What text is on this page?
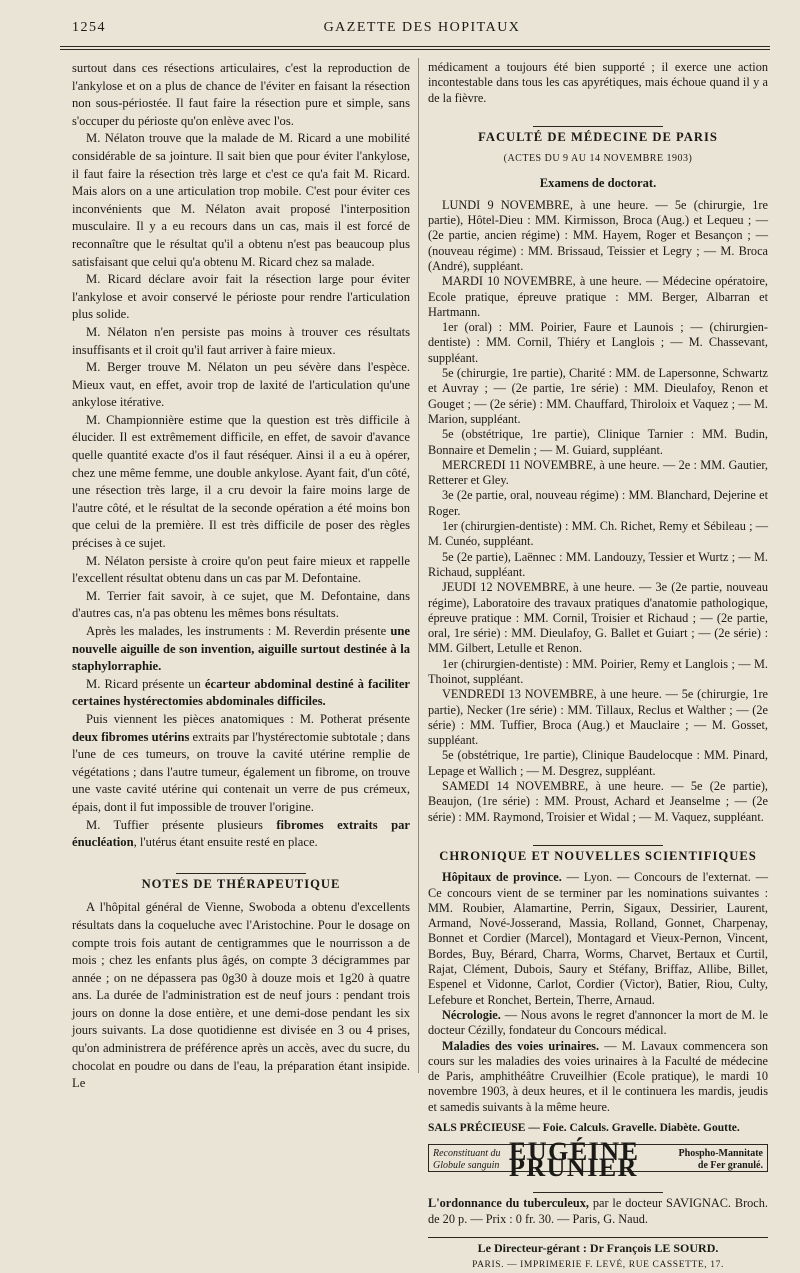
1254	GAZETTE DES HOPITAUX

surtout dans ces résections articulaires, c'est la reproduction de l'ankylose et on a plus de chance de l'éviter en faisant la résection non sous-périostée. Il faut faire la résection pure et simple, sans s'occuper du périoste qu'on enlève avec l'os.

M. Nélaton trouve que la malade de M. Ricard a une mobilité considérable de sa jointure. Il sait bien que pour éviter l'ankylose, il faut faire la résection très large et c'est ce qu'a fait M. Ricard. Mais alors on a une articulation trop mobile. C'est pour éviter ces inconvénients que M. Nélaton avait proposé l'interposition musculaire. Il y a eu recours dans un cas, mais il est forcé de reconnaître que le résultat qu'il a obtenu n'est pas beaucoup plus satisfaisant que celui qu'a obtenu M. Ricard chez sa malade.

M. Ricard déclare avoir fait la résection large pour éviter l'ankylose et avoir conservé le périoste pour rendre l'articulation plus solide.

M. Nélaton n'en persiste pas moins à trouver ces résultats insuffisants et il croit qu'il faut arriver à faire mieux.

M. Berger trouve M. Nélaton un peu sévère dans l'espèce. Mieux vaut, en effet, avoir trop de laxité de l'articulation qu'une ankylose itérative.

M. Championnière estime que la question est très difficile à élucider. Il est extrêmement difficile, en effet, de savoir d'avance quelle quantité exacte d'os il faut réséquer. Ainsi il a eu à opérer, chez une même femme, une double ankylose. Ayant fait, d'un côté, une résection très large, il a cru devoir la faire moins large de l'autre côté, et le résultat de la seconde opération a été moins bon que celui de la première. Il est très difficile de poser des règles précises à ce sujet.

M. Nélaton persiste à croire qu'on peut faire mieux et rappelle l'excellent résultat obtenu dans un cas par M. Defontaine.

M. Terrier fait savoir, à ce sujet, que M. Defontaine, dans d'autres cas, n'a pas obtenu les mêmes bons résultats.

Après les malades, les instruments : M. Reverdin présente une nouvelle aiguille de son invention, aiguille surtout destinée à la staphylorraphie.

M. Ricard présente un écarteur abdominal destiné à faciliter certaines hystérectomies abdominales difficiles.

Puis viennent les pièces anatomiques : M. Potherat présente deux fibromes utérins extraits par l'hystérectomie subtotale ; dans l'une de ces tumeurs, on trouve la cavité utérine remplie de végétations ; dans l'autre tumeur, également un fibrome, on trouve une vaste cavité utérine qui contenait un verre de pus crémeux, épais, dont il fut impossible de trouver l'origine.

M. Tuffier présente plusieurs fibromes extraits par énucléation, l'utérus étant ensuite resté en place.

NOTES DE THÉRAPEUTIQUE

A l'hôpital général de Vienne, Swoboda a obtenu d'excellents résultats dans la coqueluche avec l'Aristochine. Pour le dosage on compte trois fois autant de centigrammes que le nourrisson a de mois ; chez les enfants plus âgés, on compte 3 décigrammes par année ; on ne dépassera pas 0g30 à douze mois et 1g20 à quatre ans. La durée de l'administration est de neuf jours : pendant trois jours on donne la dose entière, et une demi-dose pendant les six jours suivants. La dose quotidienne est divisée en 3 ou 4 prises, qu'on administrera de préférence après un accès, avec du sucre, du chocolat en poudre ou dans de l'eau, la préparation étant insipide. Le

médicament a toujours été bien supporté ; il exerce une action incontestable dans tous les cas apyrétiques, mais échoue quand il y a de la fièvre.

FACULTÉ DE MÉDECINE DE PARIS
(ACTES DU 9 AU 14 NOVEMBRE 1903)
Examens de doctorat.

LUNDI 9 NOVEMBRE, à une heure. — 5e (chirurgie, 1re partie), Hôtel-Dieu : MM. Kirmisson, Broca (Aug.) et Lequeu ; — (2e partie, ancien régime) : MM. Hayem, Roger et Besançon ; — (nouveau régime) : MM. Brissaud, Teissier et Legry ; — M. Broca (André), suppléant.

MARDI 10 NOVEMBRE, à une heure. — Médecine opératoire, Ecole pratique, épreuve pratique : MM. Berger, Albarran et Hartmann.

1er (oral) : MM. Poirier, Faure et Launois ; — (chirurgien-dentiste) : MM. Cornil, Thiéry et Langlois ; — M. Chassevant, suppléant.

5e (chirurgie, 1re partie), Charité : MM. de Lapersonne, Schwartz et Auvray ; — (2e partie, 1re série) : MM. Dieulafoy, Renon et Gouget ; — (2e série) : MM. Chauffard, Thiroloix et Vaquez ; — M. Marion, suppléant.

5e (obstétrique, 1re partie), Clinique Tarnier : MM. Budin, Bonnaire et Demelin ; — M. Guiard, suppléant.

MERCREDI 11 NOVEMBRE, à une heure. — 2e : MM. Gautier, Retterer et Gley.

3e (2e partie, oral, nouveau régime) : MM. Blanchard, Dejerine et Roger.

1er (chirurgien-dentiste) : MM. Ch. Richet, Remy et Sébileau ; — M. Cunéo, suppléant.

5e (2e partie), Laënnec : MM. Landouzy, Tessier et Wurtz ; — M. Richaud, suppléant.

JEUDI 12 NOVEMBRE, à une heure. — 3e (2e partie, nouveau régime), Laboratoire des travaux pratiques d'anatomie pathologique, épreuve pratique : MM. Cornil, Troisier et Richaud ; — (2e partie, oral, 1re série) : MM. Dieulafoy, G. Ballet et Guiart ; — (2e série) : MM. Gilbert, Letulle et Renon.

1er (chirurgien-dentiste) : MM. Poirier, Remy et Langlois ; — M. Thoinot, suppléant.

VENDREDI 13 NOVEMBRE, à une heure. — 5e (chirurgie, 1re partie), Necker (1re série) : MM. Tillaux, Reclus et Walther ; — (2e série) : MM. Tuffier, Broca (Aug.) et Mauclaire ; — M. Gosset, suppléant.

5e (obstétrique, 1re partie), Clinique Baudelocque : MM. Pinard, Lepage et Wallich ; — M. Desgrez, suppléant.

SAMEDI 14 NOVEMBRE, à une heure. — 5e (2e partie), Beaujon, (1re série) : MM. Proust, Achard et Jeanselme ; — (2e série) : MM. Raymond, Troisier et Widal ; — M. Vaquez, suppléant.

CHRONIQUE ET NOUVELLES SCIENTIFIQUES

Hôpitaux de province. — Lyon. — Concours de l'externat. — Ce concours vient de se terminer par les nominations suivantes : MM. Roubier, Alamartine, Perrin, Sigaux, Dessirier, Laurent, Armand, Nové-Josserand, Massia, Rolland, Gonnet, Charpenay, Bonnet et Cordier (Marcel), Montagard et Vieux-Pernon, Vincent, Bordes, Buy, Bérard, Charra, Worms, Charvet, Bertaux et Curtil, Rajat, Clément, Dubois, Saury et Stéfany, Briffaz, Allibe, Billet, Espenel et Vidonne, Carlot, Cordier (Victor), Batier, Riou, Culty, Lefebure et Ronchet, Bertein, Therre, Arnaud.

Nécrologie. — Nous avons le regret d'annoncer la mort de M. le docteur Cézilly, fondateur du Concours médical.

Maladies des voies urinaires. — M. Lavaux commencera son cours sur les maladies des voies urinaires à la Faculté de médecine de Paris, amphithéâtre Cruveilhier (Ecole pratique), le mardi 10 novembre 1903, à deux heures, et il le continuera les mardis, jeudis et samedis suivants à la même heure.

SALS PRÉCIEUSE — Foie. Calculs. Gravelle. Diabète. Goutte.
Reconstituant du
Globule sanguin EUGÉINE PRUNIER	Phospho-Mannitate
de Fer granulé.

L'ordonnance du tuberculeux, par le docteur SAVIGNAC. Broch. de 20 p. — Prix : 0 fr. 30. — Paris, G. Naud.

Le Directeur-gérant : Dr François LE SOURD.
PARIS. — IMPRIMERIE F. LEVÉ, RUE CASSETTE, 17.
